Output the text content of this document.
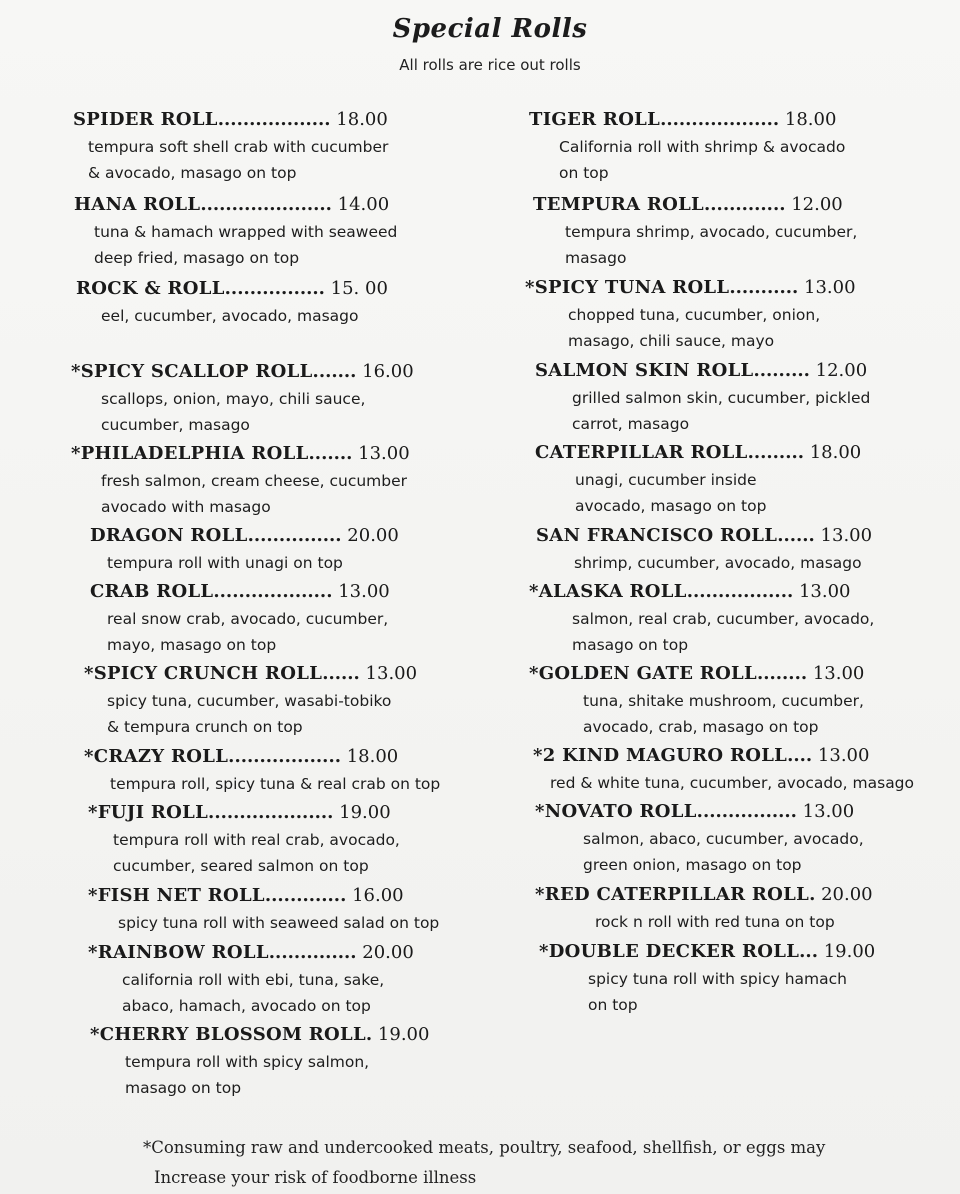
Special Rolls
All rolls are rice out rolls
SPIDER ROLL.................. 18.00
tempura soft shell crab with cucumber
& avocado, masago on top
HANA ROLL..................... 14.00
tuna & hamach wrapped with seaweed
deep fried, masago on top
ROCK & ROLL................ 15. 00
eel, cucumber, avocado, masago
*SPICY SCALLOP ROLL....... 16.00
scallops, onion, mayo, chili sauce,
cucumber, masago
*PHILADELPHIA ROLL....... 13.00
fresh salmon, cream cheese, cucumber
avocado with masago
DRAGON ROLL............... 20.00
tempura roll with unagi on top
CRAB ROLL................... 13.00
real snow crab, avocado, cucumber,
mayo, masago on top
*SPICY CRUNCH ROLL...... 13.00
spicy tuna, cucumber, wasabi-tobiko
& tempura crunch on top
*CRAZY ROLL.................. 18.00
tempura roll, spicy tuna & real crab on top
*FUJI ROLL.................... 19.00
tempura roll with real crab, avocado,
cucumber, seared salmon on top
*FISH NET ROLL............. 16.00
spicy tuna roll with seaweed salad on top
*RAINBOW ROLL.............. 20.00
california roll with ebi, tuna, sake,
abaco, hamach, avocado on top
*CHERRY BLOSSOM ROLL. 19.00
tempura roll with spicy salmon,
masago on top
TIGER ROLL................... 18.00
California roll with shrimp & avocado
on top
TEMPURA ROLL............. 12.00
tempura shrimp, avocado, cucumber,
masago
*SPICY TUNA ROLL........... 13.00
chopped tuna, cucumber, onion,
masago, chili sauce, mayo
SALMON SKIN ROLL......... 12.00
grilled salmon skin, cucumber, pickled
carrot, masago
CATERPILLAR ROLL......... 18.00
unagi, cucumber inside
avocado, masago on top
SAN FRANCISCO ROLL...... 13.00
shrimp, cucumber, avocado, masago
*ALASKA ROLL................. 13.00
salmon, real crab, cucumber, avocado,
masago on top
*GOLDEN GATE ROLL........ 13.00
tuna, shitake mushroom, cucumber,
avocado, crab, masago on top
*2 KIND MAGURO ROLL.... 13.00
red & white tuna, cucumber, avocado, masago
*NOVATO ROLL................ 13.00
salmon, abaco, cucumber, avocado,
green onion, masago on top
*RED CATERPILLAR ROLL. 20.00
rock n roll with red tuna on top
*DOUBLE DECKER ROLL... 19.00
spicy tuna roll with spicy hamach
on top
*Consuming raw and undercooked meats, poultry, seafood, shellfish, or eggs may
Increase your risk of foodborne illness
